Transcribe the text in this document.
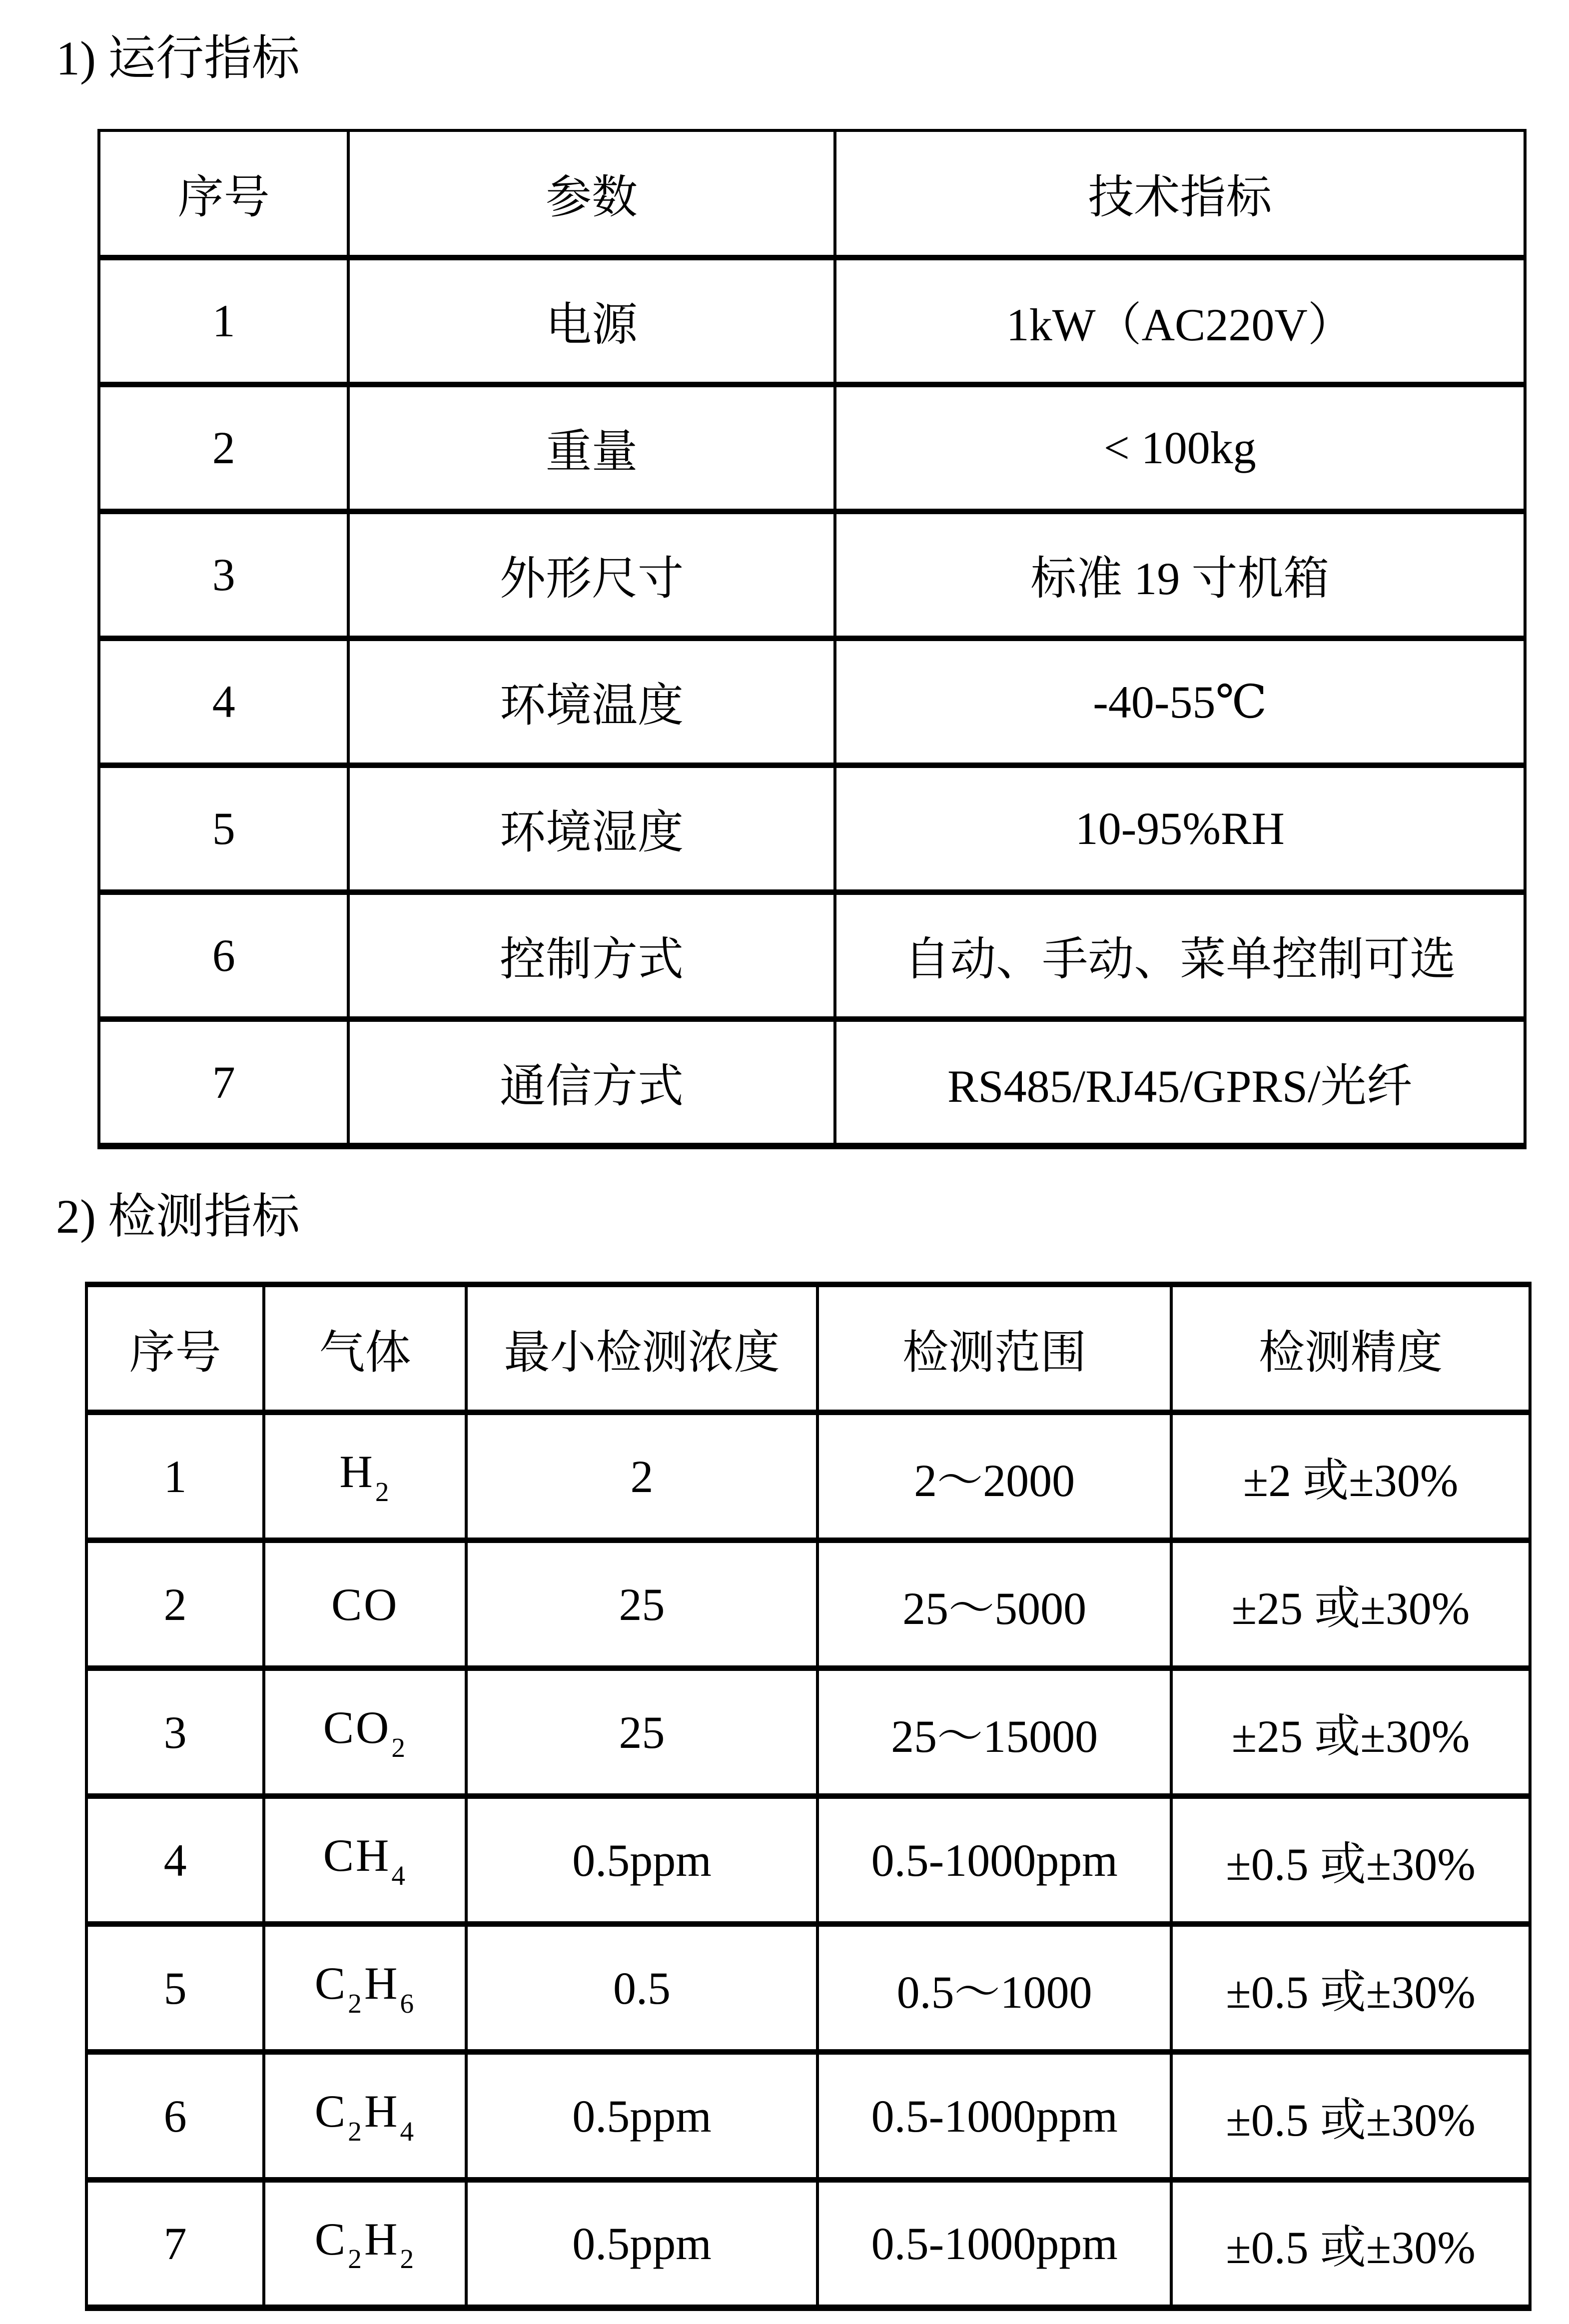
1) 运行指标
序号	参数	技术指标
1	电源	1kW（AC220V）
2	重量	< 100kg
3	外形尺寸	标准 19 寸机箱
4	环境温度	-40-55℃
5	环境湿度	10-95%RH
6	控制方式	自动、手动、菜单控制可选
7	通信方式	RS485/RJ45/GPRS/光纤
2) 检测指标
序号	气体	最小检测浓度	检测范围	检测精度
1	$H_2$	2	2～2000	±2 或±30%
2	CO	25	25～5000	±25 或±30%
3	$CO_2$	25	25～15000	±25 或±30%
4	$CH_4$	0.5ppm	0.5-1000ppm	±0.5 或±30%
5	$C_2H_6$	0.5	0.5～1000	±0.5 或±30%
6	$C_2H_4$	0.5ppm	0.5-1000ppm	±0.5 或±30%
7	$C_2H_2$	0.5ppm	0.5-1000ppm	±0.5 或±30%
